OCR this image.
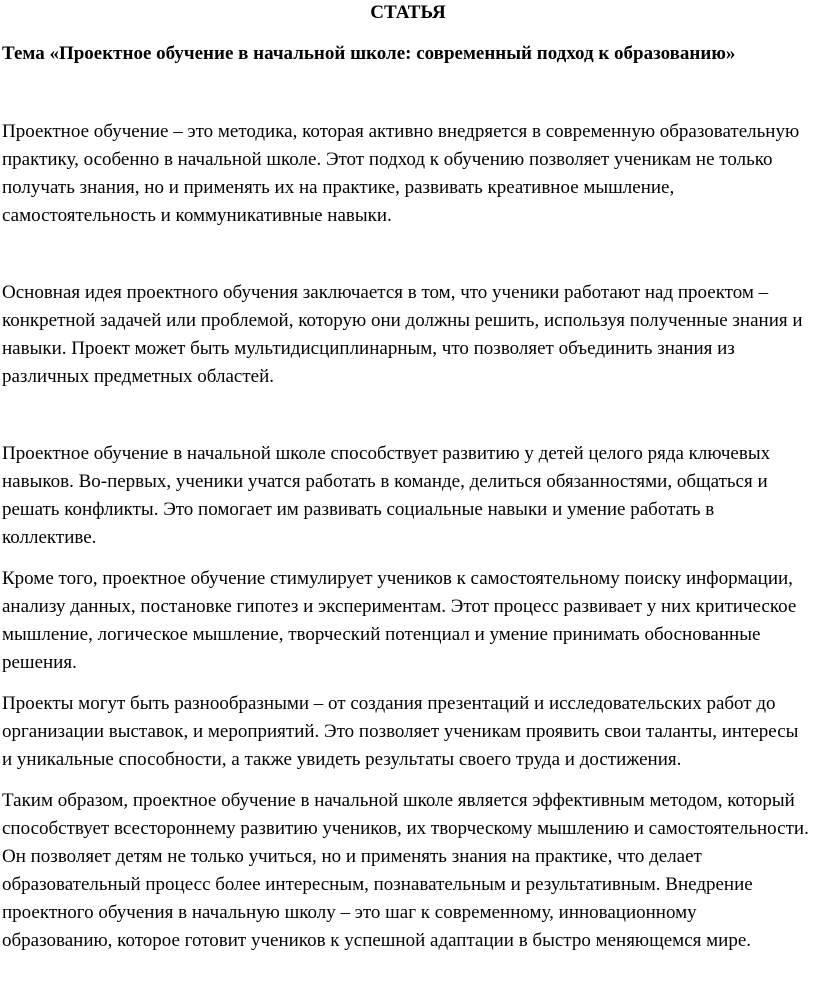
СТАТЬЯ
Тема «Проектное обучение в начальной школе: современный подход к образованию»

Проектное обучение – это методика, которая активно внедряется в современную образовательную практику, особенно в начальной школе. Этот подход к обучению позволяет ученикам не только получать знания, но и применять их на практике, развивать креативное мышление, самостоятельность и коммуникативные навыки.

Основная идея проектного обучения заключается в том, что ученики работают над проектом – конкретной задачей или проблемой, которую они должны решить, используя полученные знания и навыки. Проект может быть мультидисциплинарным, что позволяет объединить знания из различных предметных областей.

Проектное обучение в начальной школе способствует развитию у детей целого ряда ключевых навыков. Во-первых, ученики учатся работать в команде, делиться обязанностями, общаться и решать конфликты. Это помогает им развивать социальные навыки и умение работать в коллективе.

Кроме того, проектное обучение стимулирует учеников к самостоятельному поиску информации, анализу данных, постановке гипотез и экспериментам. Этот процесс развивает у них критическое мышление, логическое мышление, творческий потенциал и умение принимать обоснованные решения.

Проекты могут быть разнообразными – от создания презентаций и исследовательских работ до организации выставок, и мероприятий. Это позволяет ученикам проявить свои таланты, интересы и уникальные способности, а также увидеть результаты своего труда и достижения.

Таким образом, проектное обучение в начальной школе является эффективным методом, который способствует всестороннему развитию учеников, их творческому мышлению и самостоятельности. Он позволяет детям не только учиться, но и применять знания на практике, что делает образовательный процесс более интересным, познавательным и результативным. Внедрение проектного обучения в начальную школу – это шаг к современному, инновационному образованию, которое готовит учеников к успешной адаптации в быстро меняющемся мире.
